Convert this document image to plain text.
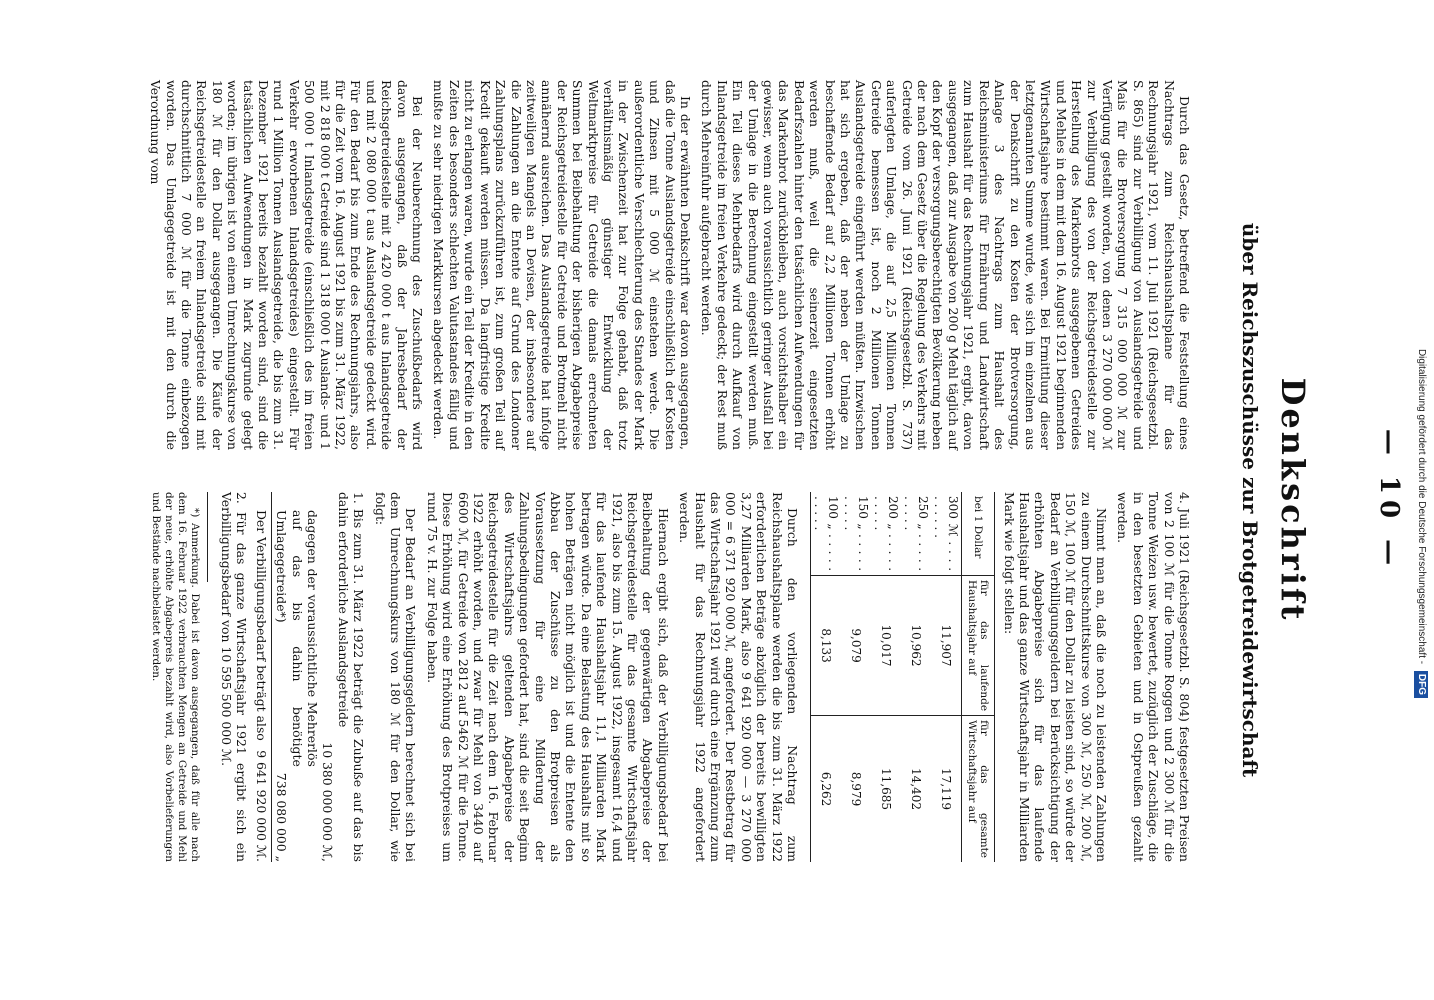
— 10 —
Denkschrift
über Reichszuschüsse zur Brotgetreidewirtschaft

Durch das Gesetz, betreffend die Feststellung eines Nachtrags zum Reichshaushaltsplane für das Rechnungsjahr 1921, vom 11. Juli 1921 (Reichsgesetzbl. S. 865) sind zur Verbilligung von Auslandsgetreide und Mais für die Brotversorgung 7 315 000 000 ℳ zur Verfügung gestellt worden, von denen 3 270 000 000 ℳ zur Verbilligung des von der Reichsgetreidestelle zur Herstellung des Markenbrots ausgegebenen Getreides und Mehles in dem mit dem 16. August 1921 beginnenden Wirtschaftsjahre bestimmt waren. Bei Ermittlung dieser letztgenannten Summe wurde, wie sich im einzelnen aus der Denkschrift zu den Kosten der Brotversorgung, Anlage 3 des Nachtrags zum Haushalt des Reichsministeriums für Ernährung und Landwirtschaft zum Haushalt für das Rechnungsjahr 1921, ergibt, davon ausgegangen, daß zur Ausgabe von 200 g Mehl täglich auf den Kopf der versorgungsberechtigten Bevölkerung neben der nach dem Gesetz über die Regelung des Verkehrs mit Getreide vom 26. Juni 1921 (Reichsgesetzbl. S. 737) auferlegten Umlage, die auf 2,5 Millionen Tonnen Getreide bemessen ist, noch 2 Millionen Tonnen Auslandsgetreide eingeführt werden müßten. Inzwischen hat sich ergeben, daß der neben der Umlage zu beschaffende Bedarf auf 2,2 Millionen Tonnen erhöht werden muß, weil die seinerzeit eingesetzten Bedarfszahlen hinter den tatsächlichen Aufwendungen für das Markenbrot zurückbleiben, auch vorsichtshalber ein gewisser, wenn auch voraussichtlich geringer Ausfall bei der Umlage in die Berechnung eingestellt werden muß. Ein Teil dieses Mehrbedarfs wird durch Aufkauf von Inlandsgetreide im freien Verkehre gedeckt; der Rest muß durch Mehreinfuhr aufgebracht werden.

In der erwähnten Denkschrift war davon ausgegangen, daß die Tonne Auslandsgetreide einschließlich der Kosten und Zinsen mit 5 000 ℳ einstehen werde. Die außerordentliche Verschlechterung des Standes der Mark in der Zwischenzeit hat zur Folge gehabt, daß trotz verhältnismäßig günstiger Entwicklung der Weltmarktpreise für Getreide die damals errechneten Summen bei Beibehaltung der bisherigen Abgabepreise der Reichsgetreidestelle für Getreide und Brotmehl nicht annähernd ausreichen. Das Auslandsgetreide hat infolge zeitweiligen Mangels an Devisen, der insbesondere auf die Zahlungen an die Entente auf Grund des Londoner Zahlungsplans zurückzuführen ist, zum großen Teil auf Kredit gekauft werden müssen. Da langfristige Kredite nicht zu erlangen waren, wurde ein Teil der Kredite in den Zeiten des besonders schlechten Valutastandes fällig und mußte zu sehr niedrigen Markkursen abgedeckt werden.

Bei der Neuberechnung des Zuschußbedarfs wird davon ausgegangen, daß der Jahresbedarf der Reichsgetreidestelle mit 2 420 000 t aus Inlandsgetreide und mit 2 080 000 t aus Auslandsgetreide gedeckt wird. Für den Bedarf bis zum Ende des Rechnungsjahrs, also für die Zeit vom 16. August 1921 bis zum 31. März 1922, mit 2 818 000 t Getreide sind 1 318 000 t Auslands- und 1 500 000 t Inlandsgetreide (einschließlich des im freien Verkehr erworbenen Inlandsgetreides) eingestellt. Für rund 1 Million Tonnen Auslandsgetreide, die bis zum 31. Dezember 1921 bereits bezahlt worden sind, sind die tatsächlichen Aufwendungen in Mark zugrunde gelegt worden; im übrigen ist von einem Umrechnungskurse von 180 ℳ für den Dollar ausgegangen. Die Käufe der Reichsgetreidestelle an freiem Inlandsgetreide sind mit durchschnittlich 7 000 ℳ für die Tonne einbezogen worden. Das Umlagegetreide ist mit den durch die Verordnung vom

4. Juli 1921 (Reichsgesetzbl. S. 804) festgesetzten Preisen von 2 100 ℳ für die Tonne Roggen und 2 300 ℳ für die Tonne Weizen usw. bewertet, zuzüglich der Zuschläge, die in den besetzten Gebieten und in Ostpreußen gezahlt werden.

Nimmt man an, daß die noch zu leistenden Zahlungen zu einem Durchschnittskurse von 300 ℳ, 250 ℳ, 200 ℳ, 150 ℳ, 100 ℳ für den Dollar zu leisten sind, so würde der Bedarf an Verbilligungsgeldern bei Berücksichtigung der erhöhten Abgabepreise sich für das laufende Haushaltsjahr und das ganze Wirtschaftsjahr in Milliarden Mark wie folgt stellen:

bei 1 Dollar	für das laufende Haushaltsjahr auf	für das gesamte Wirtschaftsjahr auf
300 ℳ . . . . . . . . . .	11,907	17,119
250 „ . . . . . . . . . .	10,962	14,402
200 „ . . . . . . . . . .	10,017	11,685
150 „ . . . . . . . . . .	9,079	8,979
100 „ . . . . . . . . . .	8,133	6,262

Durch den vorliegenden Nachtrag zum Reichshaushaltsplane werden die bis zum 31. März 1922 erforderlichen Beträge abzüglich der bereits bewilligten 3,27 Milliarden Mark, also 9 641 920 000 — 3 270 000 000 = 6 371 920 000 ℳ, angefordert. Der Restbetrag für das Wirtschaftsjahr 1921 wird durch eine Ergänzung zum Haushalt für das Rechnungsjahr 1922 angefordert werden.

Hiernach ergibt sich, daß der Verbilligungsbedarf bei Beibehaltung der gegenwärtigen Abgabepreise der Reichsgetreidestelle für das gesamte Wirtschaftsjahr 1921, also bis zum 15. August 1922, insgesamt 16,4 und für das laufende Haushaltsjahr 11,1 Milliarden Mark betragen würde. Da eine Belastung des Haushalts mit so hohen Beträgen nicht möglich ist und die Entente den Abbau der Zuschüsse zu den Brotpreisen als Voraussetzung für eine Milderung der Zahlungsbedingungen gefordert hat, sind die seit Beginn des Wirtschaftsjahrs geltenden Abgabepreise der Reichsgetreidestelle für die Zeit nach dem 16. Februar 1922 erhöht worden, und zwar für Mehl von 3440 auf 6600 ℳ, für Getreide von 2812 auf 5462 ℳ für die Tonne. Diese Erhöhung wird eine Erhöhung des Brotpreises um rund 75 v. H. zur Folge haben.

Der Bedarf an Verbilligungsgeldern berechnet sich bei dem Umrechnungskurs von 180 ℳ für den Dollar, wie folgt:

1. Bis zum 31. März 1922 beträgt die Zubuße auf das bis dahin erforderliche Auslandsgetreide
10 380 000 000 ℳ,
dagegen der voraussichtliche Mehrerlös auf das bis dahin benötigte Umlagegetreide*)
738 080 000 „
Der Verbilligungsbedarf beträgt also
9 641 920 000 ℳ.
2. Für das ganze Wirtschaftsjahr 1921 ergibt sich ein Verbilligungsbedarf von 10 595 500 000 ℳ.

*) Anmerkung. Dabei ist davon ausgegangen, daß für alle nach dem 16. Februar 1922 verbrauchten Mengen an Getreide und Mehl der neue, erhöhte Abgabepreis bezahlt wird, also Vorbelieferungen und Bestände nachbelastet werden.	Digitalisierung gefördert durch die Deutsche Forschungsgemeinschaft - DFG
